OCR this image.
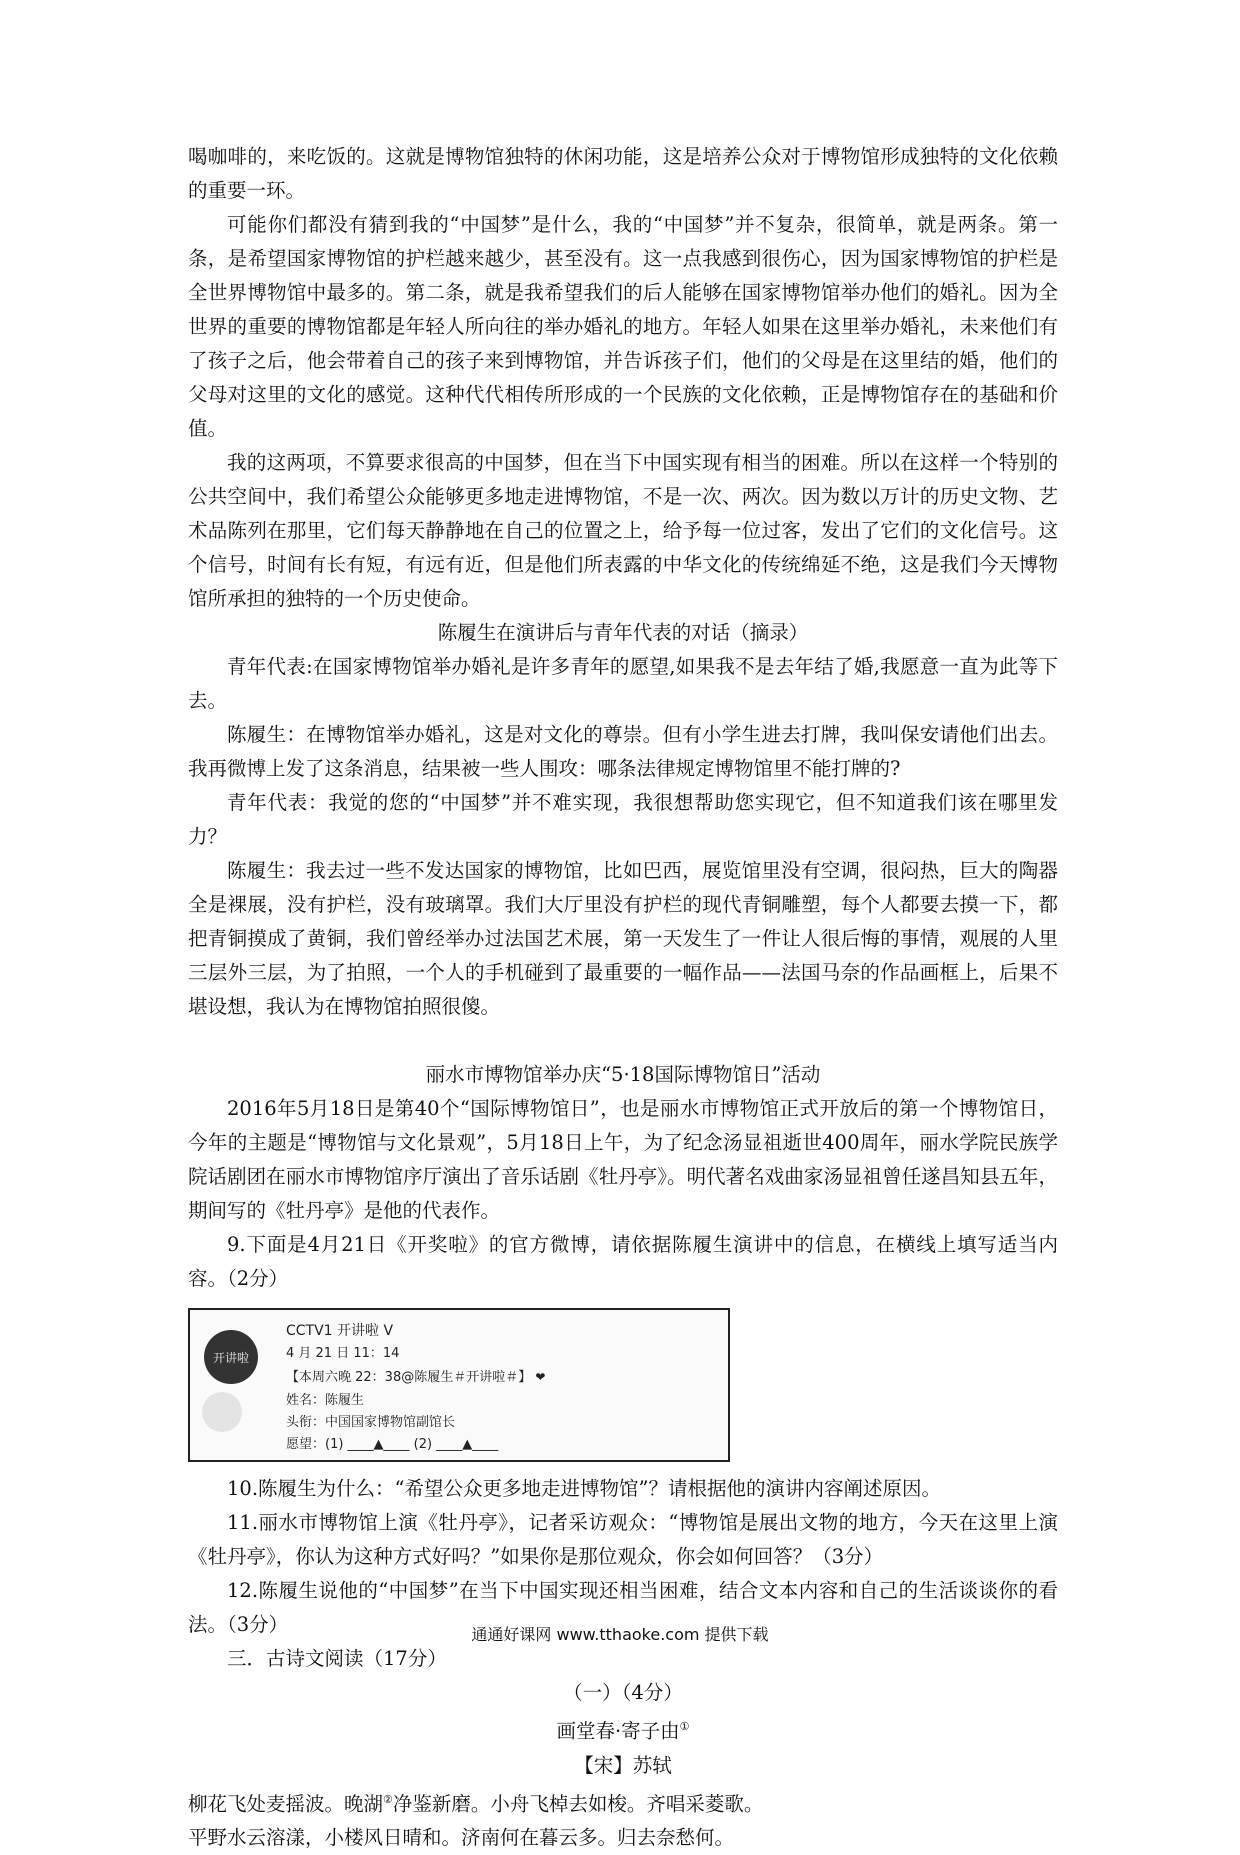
喝咖啡的，来吃饭的。这就是博物馆独特的休闲功能，这是培养公众对于博物馆形成独特的文化依赖的重要一环。

可能你们都没有猜到我的“中国梦”是什么，我的“中国梦”并不复杂，很简单，就是两条。第一条，是希望国家博物馆的护栏越来越少，甚至没有。这一点我感到很伤心，因为国家博物馆的护栏是全世界博物馆中最多的。第二条，就是我希望我们的后人能够在国家博物馆举办他们的婚礼。因为全世界的重要的博物馆都是年轻人所向往的举办婚礼的地方。年轻人如果在这里举办婚礼，未来他们有了孩子之后，他会带着自己的孩子来到博物馆，并告诉孩子们，他们的父母是在这里结的婚，他们的父母对这里的文化的感觉。这种代代相传所形成的一个民族的文化依赖，正是博物馆存在的基础和价值。

我的这两项，不算要求很高的中国梦，但在当下中国实现有相当的困难。所以在这样一个特别的公共空间中，我们希望公众能够更多地走进博物馆，不是一次、两次。因为数以万计的历史文物、艺术品陈列在那里，它们每天静静地在自己的位置之上，给予每一位过客，发出了它们的文化信号。这个信号，时间有长有短，有远有近，但是他们所表露的中华文化的传统绵延不绝，这是我们今天博物馆所承担的独特的一个历史使命。

陈履生在演讲后与青年代表的对话（摘录）

青年代表:在国家博物馆举办婚礼是许多青年的愿望,如果我不是去年结了婚,我愿意一直为此等下去。

陈履生：在博物馆举办婚礼，这是对文化的尊崇。但有小学生进去打牌，我叫保安请他们出去。我再微博上发了这条消息，结果被一些人围攻：哪条法律规定博物馆里不能打牌的?

青年代表：我觉的您的“中国梦”并不难实现，我很想帮助您实现它，但不知道我们该在哪里发力？

陈履生：我去过一些不发达国家的博物馆，比如巴西，展览馆里没有空调，很闷热，巨大的陶器全是裸展，没有护栏，没有玻璃罩。我们大厅里没有护栏的现代青铜雕塑，每个人都要去摸一下，都把青铜摸成了黄铜，我们曾经举办过法国艺术展，第一天发生了一件让人很后悔的事情，观展的人里三层外三层，为了拍照，一个人的手机碰到了最重要的一幅作品——法国马奈的作品画框上，后果不堪设想，我认为在博物馆拍照很傻。

丽水市博物馆举办庆“5·18国际博物馆日”活动

2016年5月18日是第40个“国际博物馆日”，也是丽水市博物馆正式开放后的第一个博物馆日，今年的主题是“博物馆与文化景观”，5月18日上午，为了纪念汤显祖逝世400周年，丽水学院民族学院话剧团在丽水市博物馆序厅演出了音乐话剧《牡丹亭》。明代著名戏曲家汤显祖曾任遂昌知县五年，期间写的《牡丹亭》是他的代表作。

9.下面是4月21日《开奖啦》的官方微博，请依据陈履生演讲中的信息，在横线上填写适当内容。（2分）

开讲啦
CCTV1 开讲啦 V
4 月 21 日 11：14
【本周六晚 22：38@陈履生＃开讲啦＃】 ❤
姓名：陈履生
头衔：中国国家博物馆副馆长
愿望：(1) ____▲____ (2) ____▲____

10.陈履生为什么：“希望公众更多地走进博物馆”？请根据他的演讲内容阐述原因。

11.丽水市博物馆上演《牡丹亭》，记者采访观众：“博物馆是展出文物的地方，今天在这里上演《牡丹亭》，你认为这种方式好吗？”如果你是那位观众，你会如何回答？（3分）

12.陈履生说他的“中国梦”在当下中国实现还相当困难，结合文本内容和自己的生活谈谈你的看法。（3分）

三．古诗文阅读（17分）

（一）（4分）

画堂春·寄子由①

【宋】苏轼

柳花飞处麦摇波。晚湖②净鉴新磨。小舟飞棹去如梭。齐唱采菱歌。

平野水云溶漾，小楼风日晴和。济南何在暮云多。归去奈愁何。

通通好课网 www.tthaoke.com 提供下载
